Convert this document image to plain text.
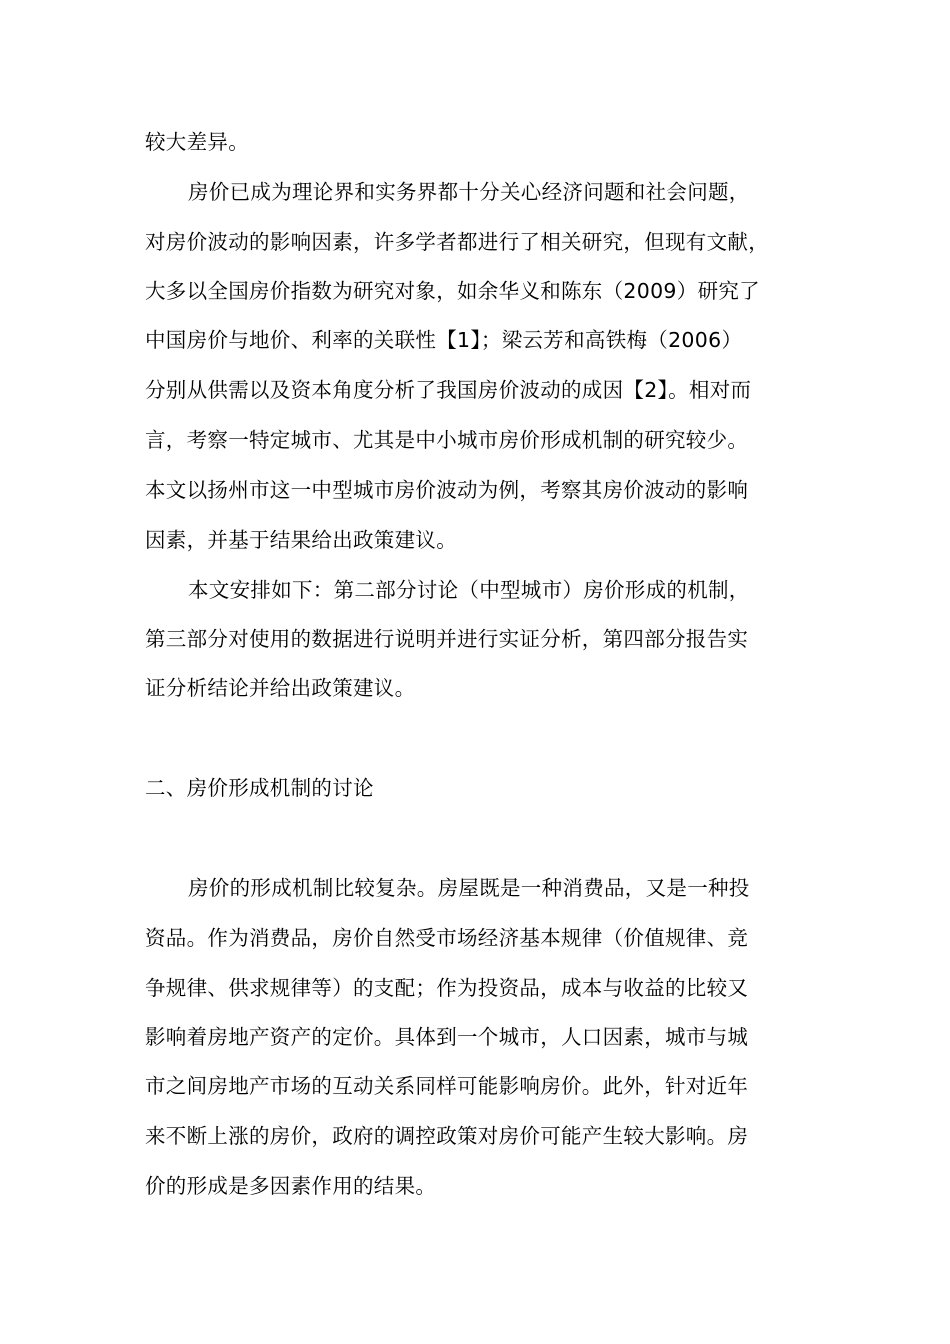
较大差异。
房价已成为理论界和实务界都十分关心经济问题和社会问题，
对房价波动的影响因素，许多学者都进行了相关研究，但现有文献，
大多以全国房价指数为研究对象，如余华义和陈东（2009）研究了
中国房价与地价、利率的关联性【1】；梁云芳和高铁梅（2006）
分别从供需以及资本角度分析了我国房价波动的成因【2】。相对而
言，考察一特定城市、尤其是中小城市房价形成机制的研究较少。
本文以扬州市这一中型城市房价波动为例，考察其房价波动的影响
因素，并基于结果给出政策建议。
本文安排如下：第二部分讨论（中型城市）房价形成的机制，
第三部分对使用的数据进行说明并进行实证分析，第四部分报告实
证分析结论并给出政策建议。
二、房价形成机制的讨论
房价的形成机制比较复杂。房屋既是一种消费品，又是一种投
资品。作为消费品，房价自然受市场经济基本规律（价值规律、竞
争规律、供求规律等）的支配；作为投资品，成本与收益的比较又
影响着房地产资产的定价。具体到一个城市，人口因素，城市与城
市之间房地产市场的互动关系同样可能影响房价。此外，针对近年
来不断上涨的房价，政府的调控政策对房价可能产生较大影响。房
价的形成是多因素作用的结果。
